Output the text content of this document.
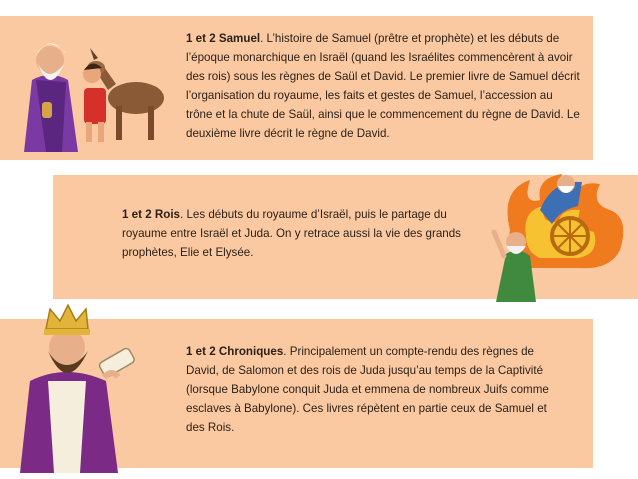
1 et 2 Samuel. L’histoire de Samuel (prêtre et prophète) et les débuts de l’époque monarchique en Israël (quand les Israélites commencèrent à avoir des rois) sous les règnes de Saül et David. Le premier livre de Samuel décrit l’organisation du royaume, les faits et gestes de Samuel, l’accession au trône et la chute de Saül, ainsi que le commencement du règne de David. Le deuxième livre décrit le règne de David.

1 et 2 Rois. Les débuts du royaume d’Israël, puis le partage du royaume entre Israël et Juda. On y retrace aussi la vie des grands prophètes, Elie et Elysée.

1 et 2 Chroniques. Principalement un compte-rendu des règnes de David, de Salomon et des rois de Juda jusqu’au temps de la Captivité (lorsque Babylone conquit Juda et emmena de nombreux Juifs comme esclaves à Babylone). Ces livres répètent en partie ceux de Samuel et des Rois.
